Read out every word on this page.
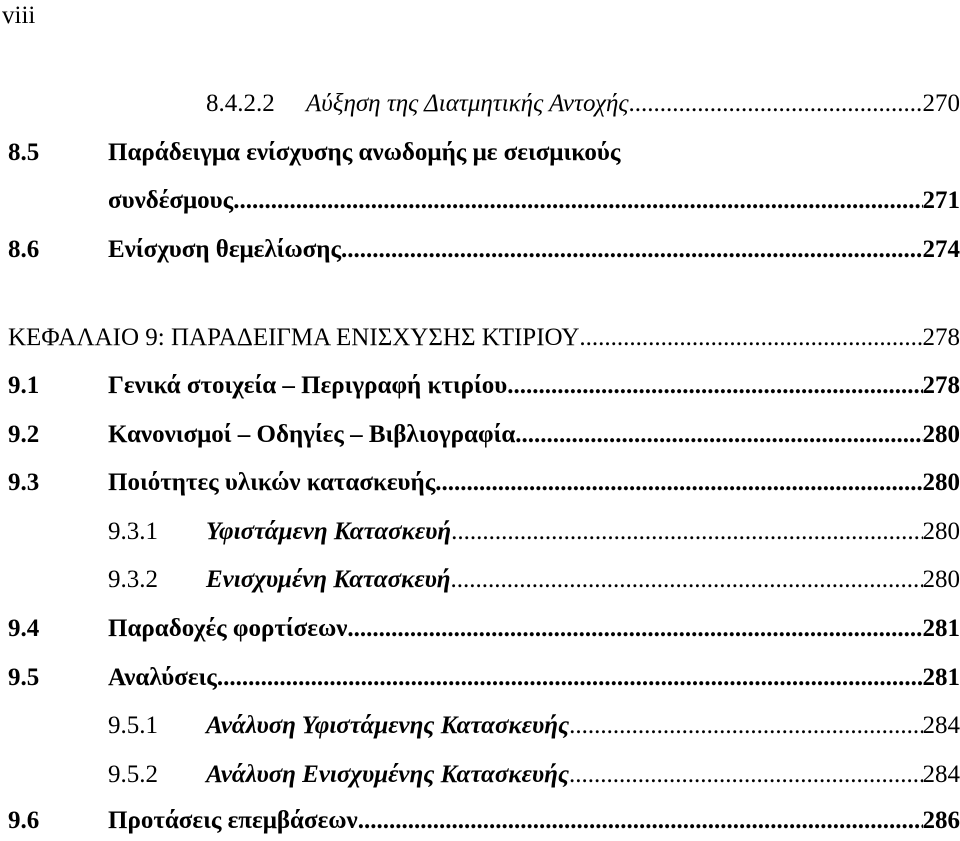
viii
8.4.2.2 Αύξηση της Διατμητικής Αντοχής .....	270
8.5	Παράδειγμα ενίσχυσης ανωδομής με σεισμικούς
συνδέσμους .....	271
8.6	Ενίσχυση θεμελίωσης .....	274
ΚΕΦΑΛΑΙΟ 9: ΠΑΡΑΔΕΙΓΜΑ ΕΝΙΣΧΥΣΗΣ ΚΤΙΡΙΟΥ .....	278
9.1	Γενικά στοιχεία – Περιγραφή κτιρίου .....	278
9.2	Κανονισμοί – Οδηγίες – Βιβλιογραφία .....	280
9.3	Ποιότητες υλικών κατασκευής .....	280
9.3.1 Υφιστάμενη Κατασκευή .....	280
9.3.2 Ενισχυμένη Κατασκευή .....	280
9.4	Παραδοχές φορτίσεων .....	281
9.5	Αναλύσεις .....	281
9.5.1 Ανάλυση Υφιστάμενης Κατασκευής .....	284
9.5.2 Ανάλυση Ενισχυμένης Κατασκευής .....	284
9.6	Προτάσεις επεμβάσεων .....	286
